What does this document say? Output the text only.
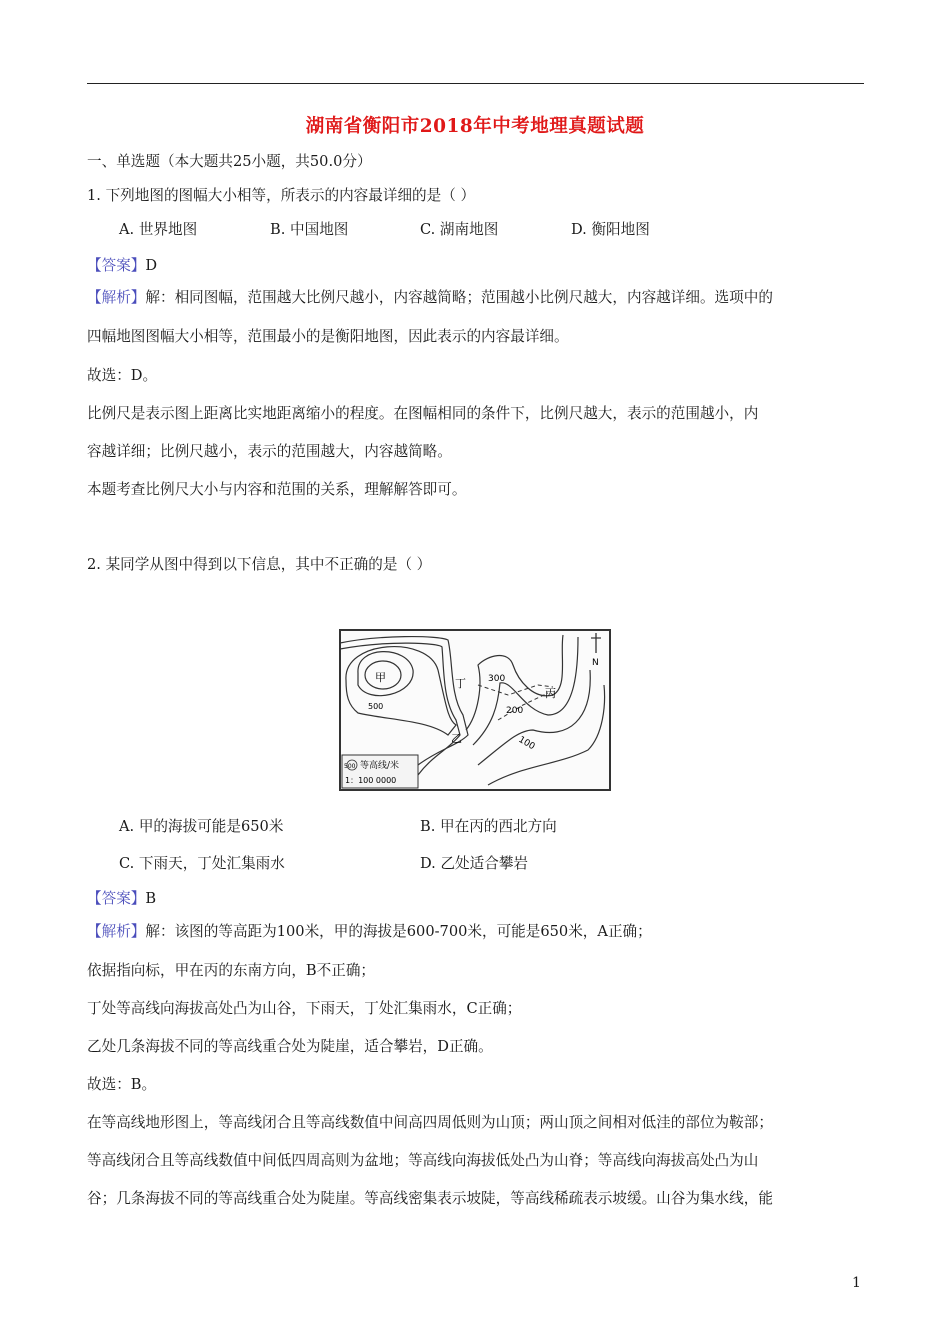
湖南省衡阳市2018年中考地理真题试题
一、单选题（本大题共25小题，共50.0分）
1. 下列地图的图幅大小相等，所表示的内容最详细的是（ ）
A. 世界地图	B. 中国地图	C. 湖南地图	D. 衡阳地图
【答案】D
【解析】解：相同图幅，范围越大比例尺越小，内容越简略；范围越小比例尺越大，内容越详细。选项中的
四幅地图图幅大小相等，范围最小的是衡阳地图，因此表示的内容最详细。
故选：D。
比例尺是表示图上距离比实地距离缩小的程度。在图幅相同的条件下，比例尺越大，表示的范围越小，内
容越详细；比例尺越小，表示的范围越大，内容越简略。
本题考查比例尺大小与内容和范围的关系，理解解答即可。
2. 某同学从图中得到以下信息，其中不正确的是（ ）
N
甲
500
丁 300
200
100
丙
乙
500 等高线/米
1：100 0000
A. 甲的海拔可能是650米	B. 甲在丙的西北方向
C. 下雨天，丁处汇集雨水	D. 乙处适合攀岩
【答案】B
【解析】解：该图的等高距为100米，甲的海拔是600-700米，可能是650米，A正确；
依据指向标，甲在丙的东南方向，B不正确；
丁处等高线向海拔高处凸为山谷，下雨天，丁处汇集雨水，C正确；
乙处几条海拔不同的等高线重合处为陡崖，适合攀岩，D正确。
故选：B。
在等高线地形图上，等高线闭合且等高线数值中间高四周低则为山顶；两山顶之间相对低洼的部位为鞍部；
等高线闭合且等高线数值中间低四周高则为盆地；等高线向海拔低处凸为山脊；等高线向海拔高处凸为山
谷；几条海拔不同的等高线重合处为陡崖。等高线密集表示坡陡，等高线稀疏表示坡缓。山谷为集水线，能
1
